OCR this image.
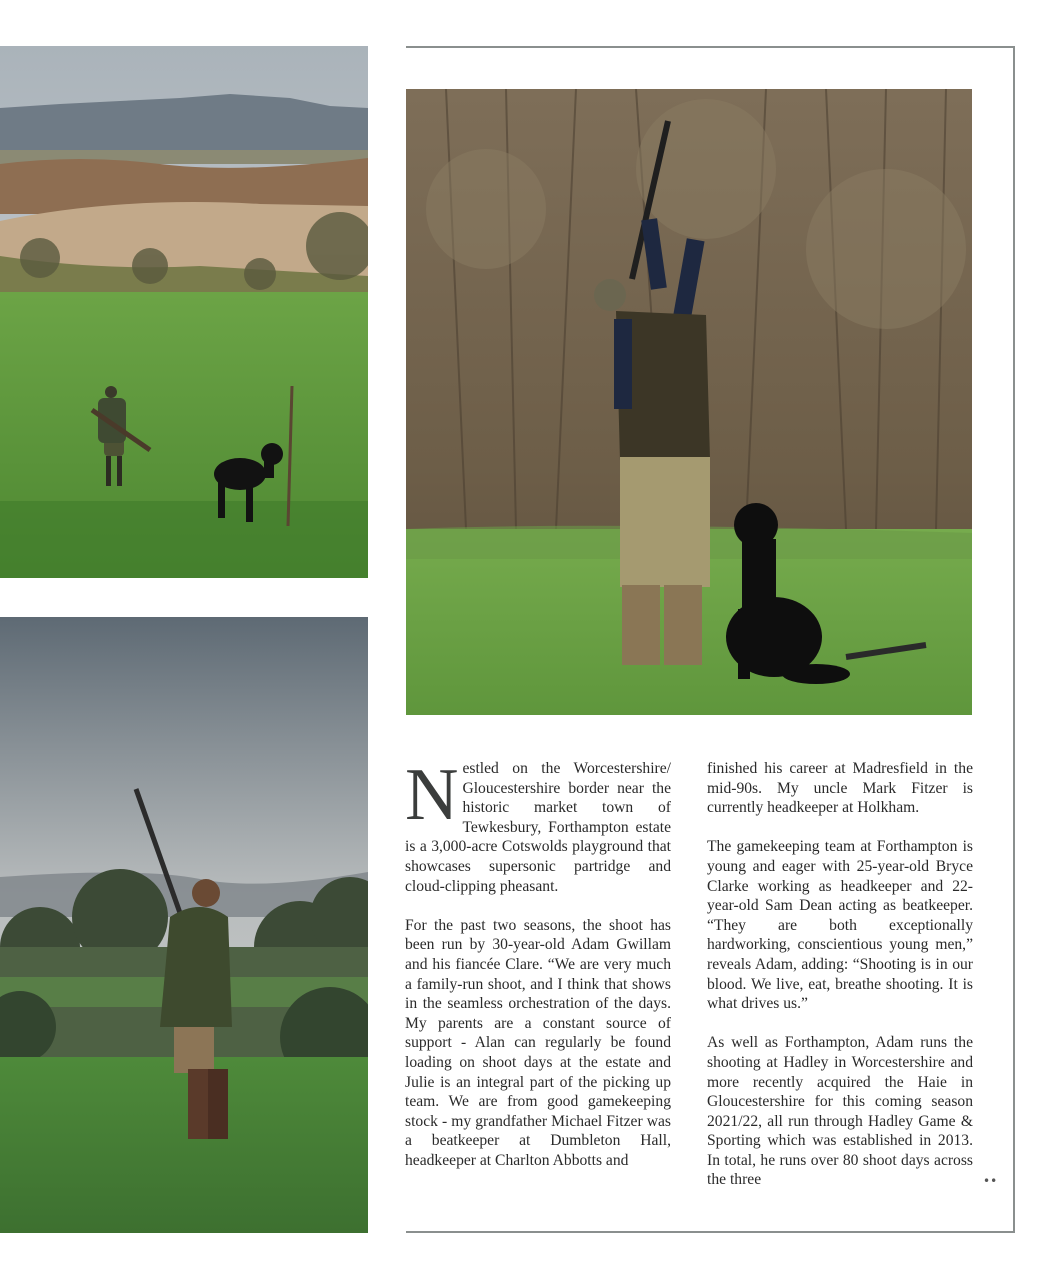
Nestled on the Worcestershire/ Gloucestershire border near the historic market town of Tewkesbury, Forthampton estate is a 3,000-acre Cotswolds playground that showcases supersonic partridge and cloud-clipping pheasant.

For the past two seasons, the shoot has been run by 30-year-old Adam Gwillam and his fiancée Clare. “We are very much a family-run shoot, and I think that shows in the seamless orchestration of the days. My parents are a constant source of support - Alan can regularly be found loading on shoot days at the estate and Julie is an integral part of the picking up team. We are from good gamekeeping stock - my grandfather Michael Fitzer was a beatkeeper at Dumbleton Hall, headkeeper at Charlton Abbotts and

finished his career at Madresfield in the mid-90s. My uncle Mark Fitzer is currently headkeeper at Holkham.

The gamekeeping team at Forthampton is young and eager with 25-year-old Bryce Clarke working as headkeeper and 22-year-old Sam Dean acting as beatkeeper. “They are both exceptionally hardworking, conscientious young men,” reveals Adam, adding: “Shooting is in our blood. We live, eat, breathe shooting. It is what drives us.”

As well as Forthampton, Adam runs the shooting at Hadley in Worcestershire and more recently acquired the Haie in Gloucestershire for this coming season 2021/22, all run through Hadley Game & Sporting which was established in 2013. In total, he runs over 80 shoot days across the three	••
